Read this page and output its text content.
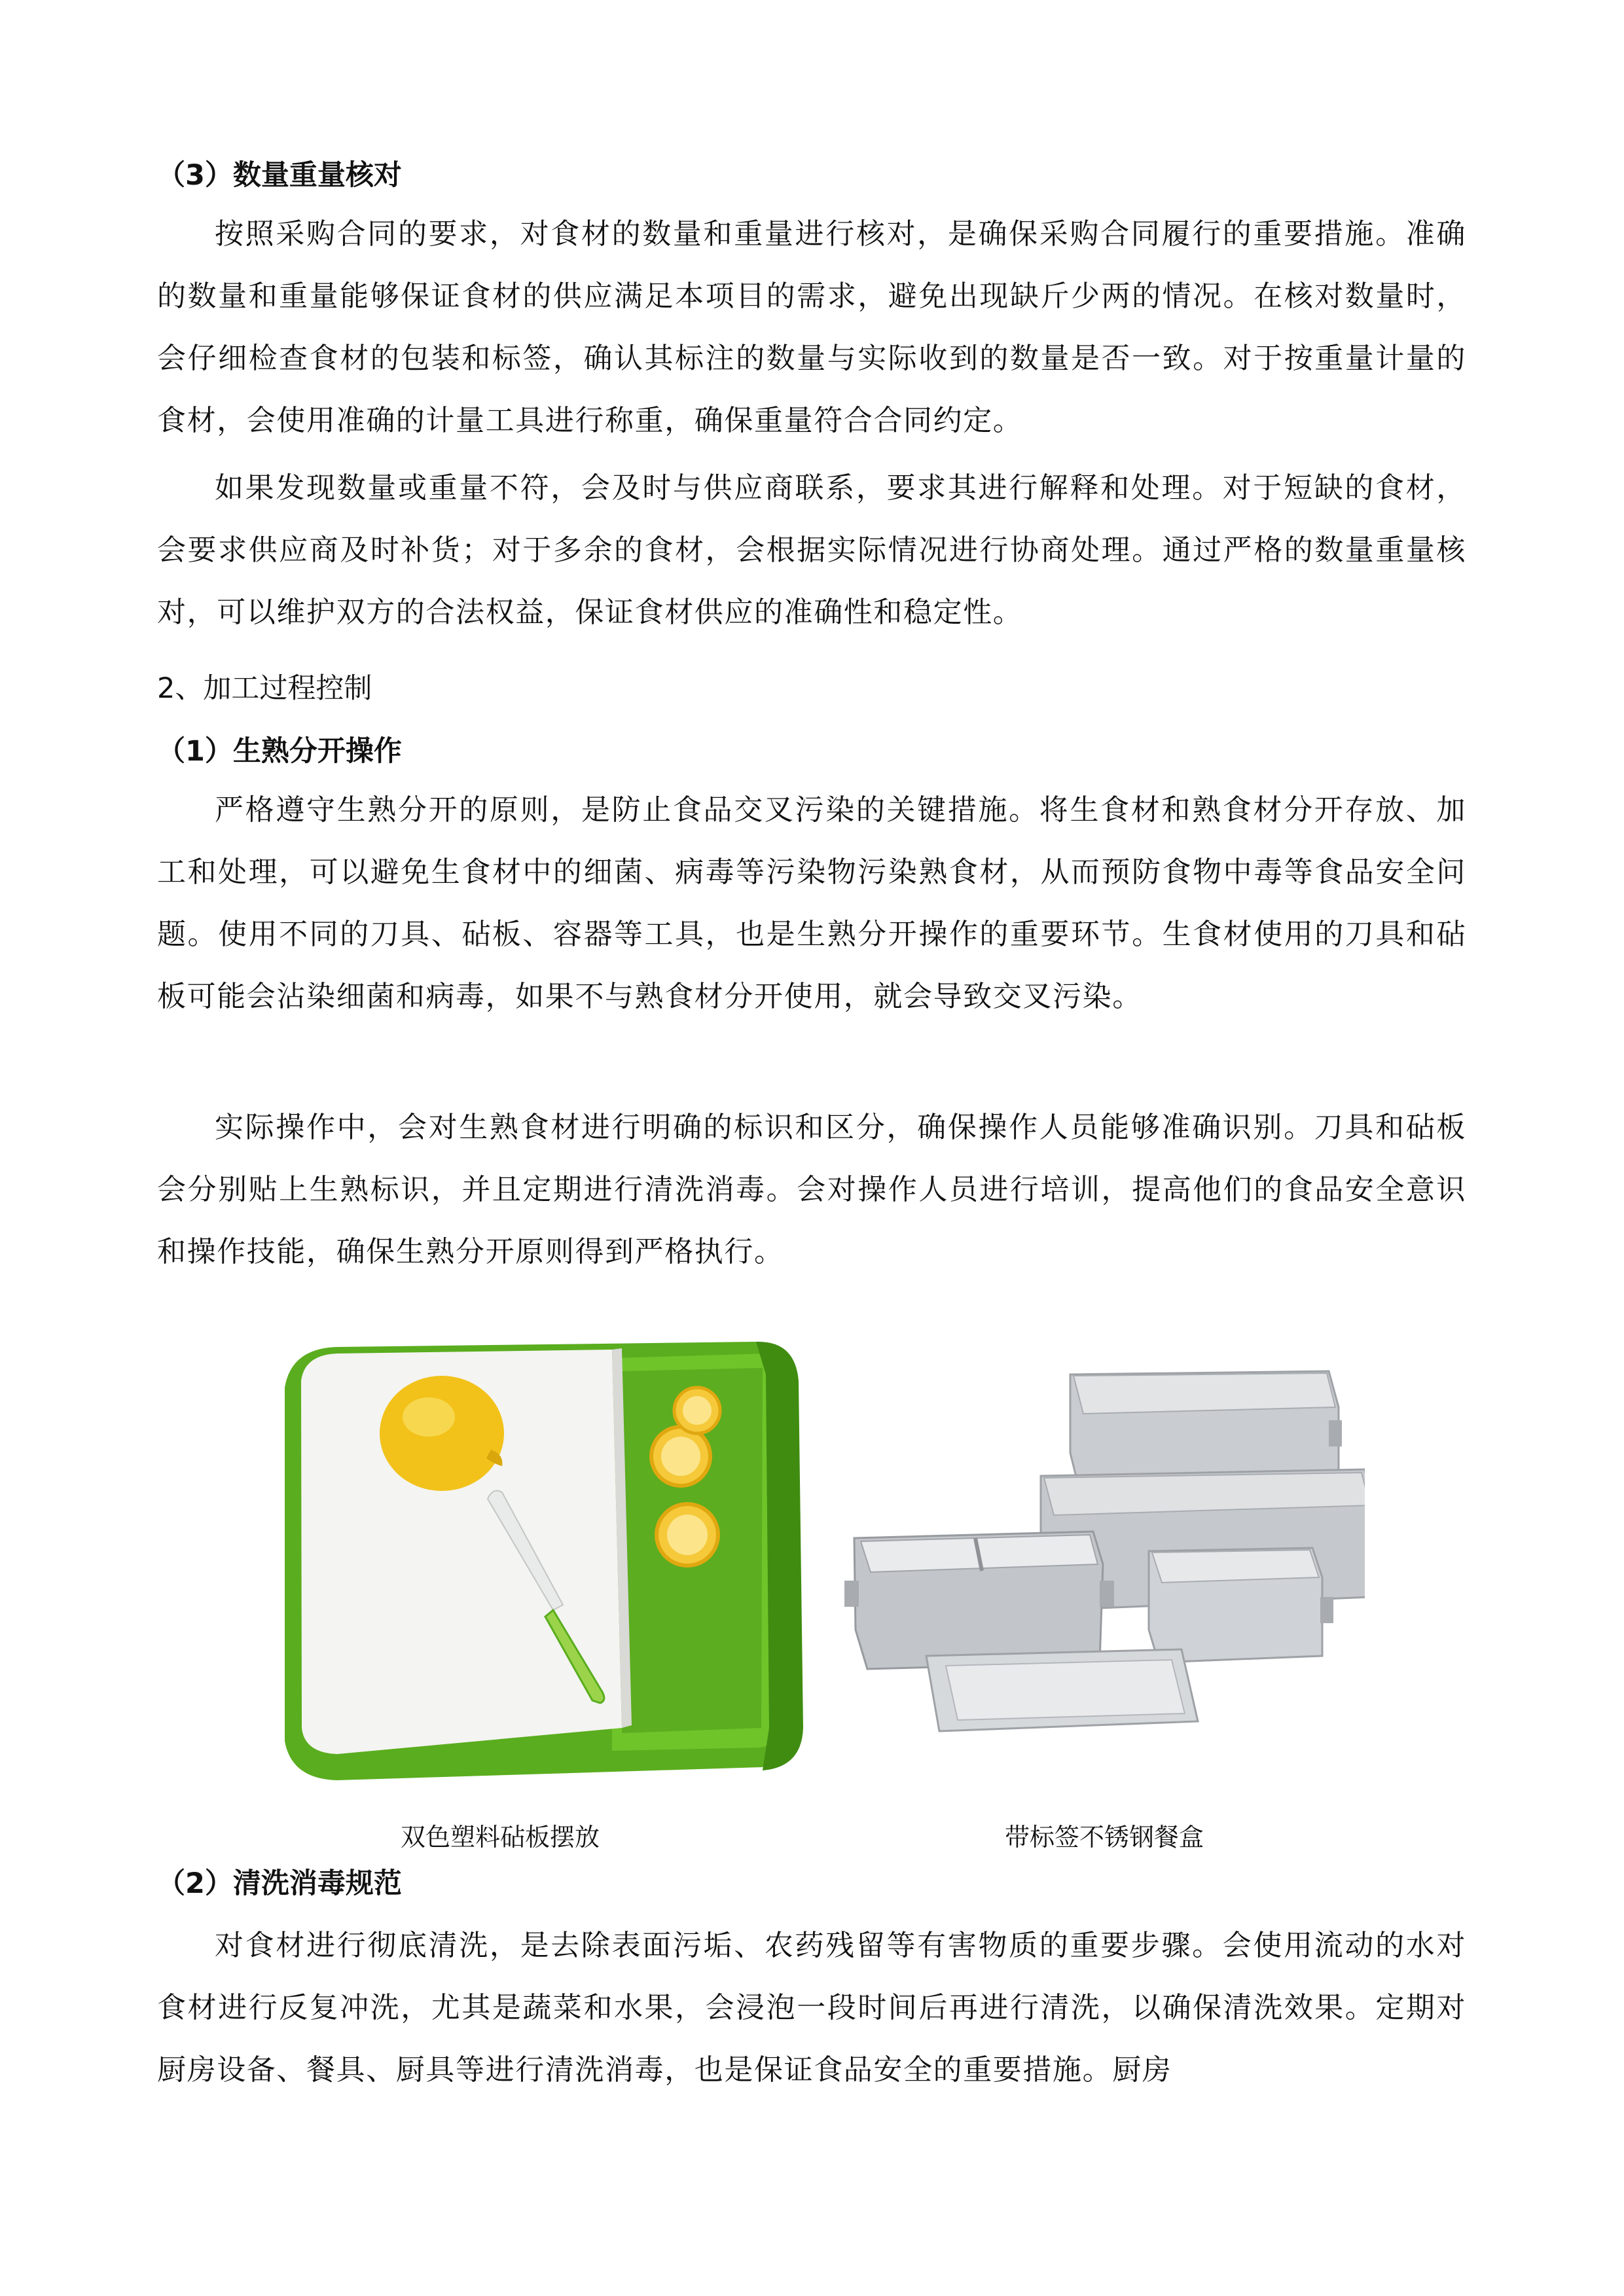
（3）数量重量核对

按照采购合同的要求，对食材的数量和重量进行核对，是确保采购合同履行的重要措施。准确的数量和重量能够保证食材的供应满足本项目的需求，避免出现缺斤少两的情况。在核对数量时，会仔细检查食材的包装和标签，确认其标注的数量与实际收到的数量是否一致。对于按重量计量的食材，会使用准确的计量工具进行称重，确保重量符合合同约定。

如果发现数量或重量不符，会及时与供应商联系，要求其进行解释和处理。对于短缺的食材，会要求供应商及时补货；对于多余的食材，会根据实际情况进行协商处理。通过严格的数量重量核对，可以维护双方的合法权益，保证食材供应的准确性和稳定性。

2、加工过程控制
（1）生熟分开操作

严格遵守生熟分开的原则，是防止食品交叉污染的关键措施。将生食材和熟食材分开存放、加工和处理，可以避免生食材中的细菌、病毒等污染物污染熟食材，从而预防食物中毒等食品安全问题。使用不同的刀具、砧板、容器等工具，也是生熟分开操作的重要环节。生食材使用的刀具和砧板可能会沾染细菌和病毒，如果不与熟食材分开使用，就会导致交叉污染。

实际操作中，会对生熟食材进行明确的标识和区分，确保操作人员能够准确识别。刀具和砧板会分别贴上生熟标识，并且定期进行清洗消毒。会对操作人员进行培训，提高他们的食品安全意识和操作技能，确保生熟分开原则得到严格执行。

双色塑料砧板摆放	带标签不锈钢餐盒
（2）清洗消毒规范

对食材进行彻底清洗，是去除表面污垢、农药残留等有害物质的重要步骤。会使用流动的水对食材进行反复冲洗，尤其是蔬菜和水果，会浸泡一段时间后再进行清洗，以确保清洗效果。定期对厨房设备、餐具、厨具等进行清洗消毒，也是保证食品安全的重要措施。厨房
